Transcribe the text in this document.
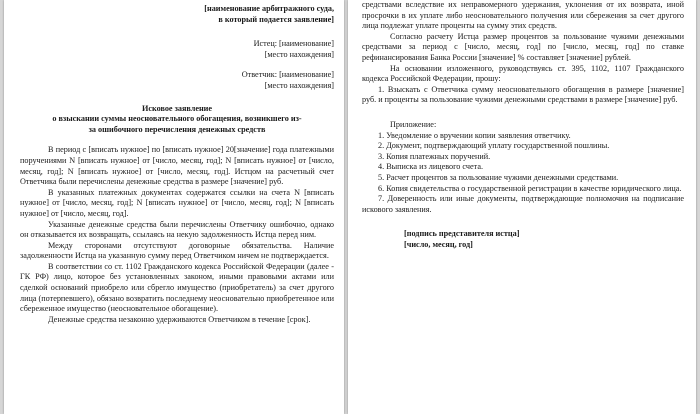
[наименование арбитражного суда,
в который подается заявление]
Истец: [наименование]
[место нахождения]
Ответчик: [наименование]
[место нахождения]
Исковое заявление
о взыскании суммы неосновательного обогащения, возникшего из-
за ошибочного перечисления денежных средств

В период с [вписать нужное] по [вписать нужное] 20[значение] года платежными поручениями N [вписать нужное] от [число, месяц, год]; N [вписать нужное] от [число, месяц, год]; N [вписать нужное] от [число, месяц, год]. Истцом на расчетный счет Ответчика были перечислены денежные средства в размере [значение] руб.

В указанных платежных документах содержатся ссылки на счета N [вписать нужное] от [число, месяц, год]; N [вписать нужное] от [число, месяц, год]; N [вписать нужное] от [число, месяц, год].

Указанные денежные средства были перечислены Ответчику ошибочно, однако он отказывается их возвращать, ссылаясь на некую задолженность Истца перед ним.

Между сторонами отсутствуют договорные обязательства. Наличие задолженности Истца на указанную сумму перед Ответчиком ничем не подтверждается.

В соответствии со ст. 1102 Гражданского кодекса Российской Федерации (далее - ГК РФ) лицо, которое без установленных законом, иными правовыми актами или сделкой оснований приобрело или сбрегло имущество (приобретатель) за счет другого лица (потерпевшего), обязано возвратить последнему неосновательно приобретенное или сбереженное имущество (неосновательное обогащение).

Денежные средства незаконно удерживаются Ответчиком в течение [срок].

средствами вследствие их неправомерного удержания, уклонения от их возврата, иной просрочки в их уплате либо неосновательного получения или сбережения за счет другого лица подлежат уплате проценты на сумму этих средств.

Согласно расчету Истца размер процентов за пользование чужими денежными средствами за период с [число, месяц, год] по [число, месяц, год] по ставке рефинансирования Банка России [значение] % составляет [значение] рублей.

На основании изложенного, руководствуясь ст. 395, 1102, 1107 Гражданского кодекса Российской Федерации, прошу:

1. Взыскать с Ответчика сумму неосновательного обогащения в размере [значение] руб. и проценты за пользование чужими денежными средствами в размере [значение] руб.

Приложение:

1. Уведомление о вручении копии заявления ответчику.
2. Документ, подтверждающий уплату государственной пошлины.
3. Копия платежных поручений.
4. Выписка из лицевого счета.
5. Расчет процентов за пользование чужими денежными средствами.
6. Копия свидетельства о государственной регистрации в качестве юридического лица.
7. Доверенность или иные документы, подтверждающие полномочия на подписание искового заявления.
[подпись представителя истца]
[число, месяц, год]
